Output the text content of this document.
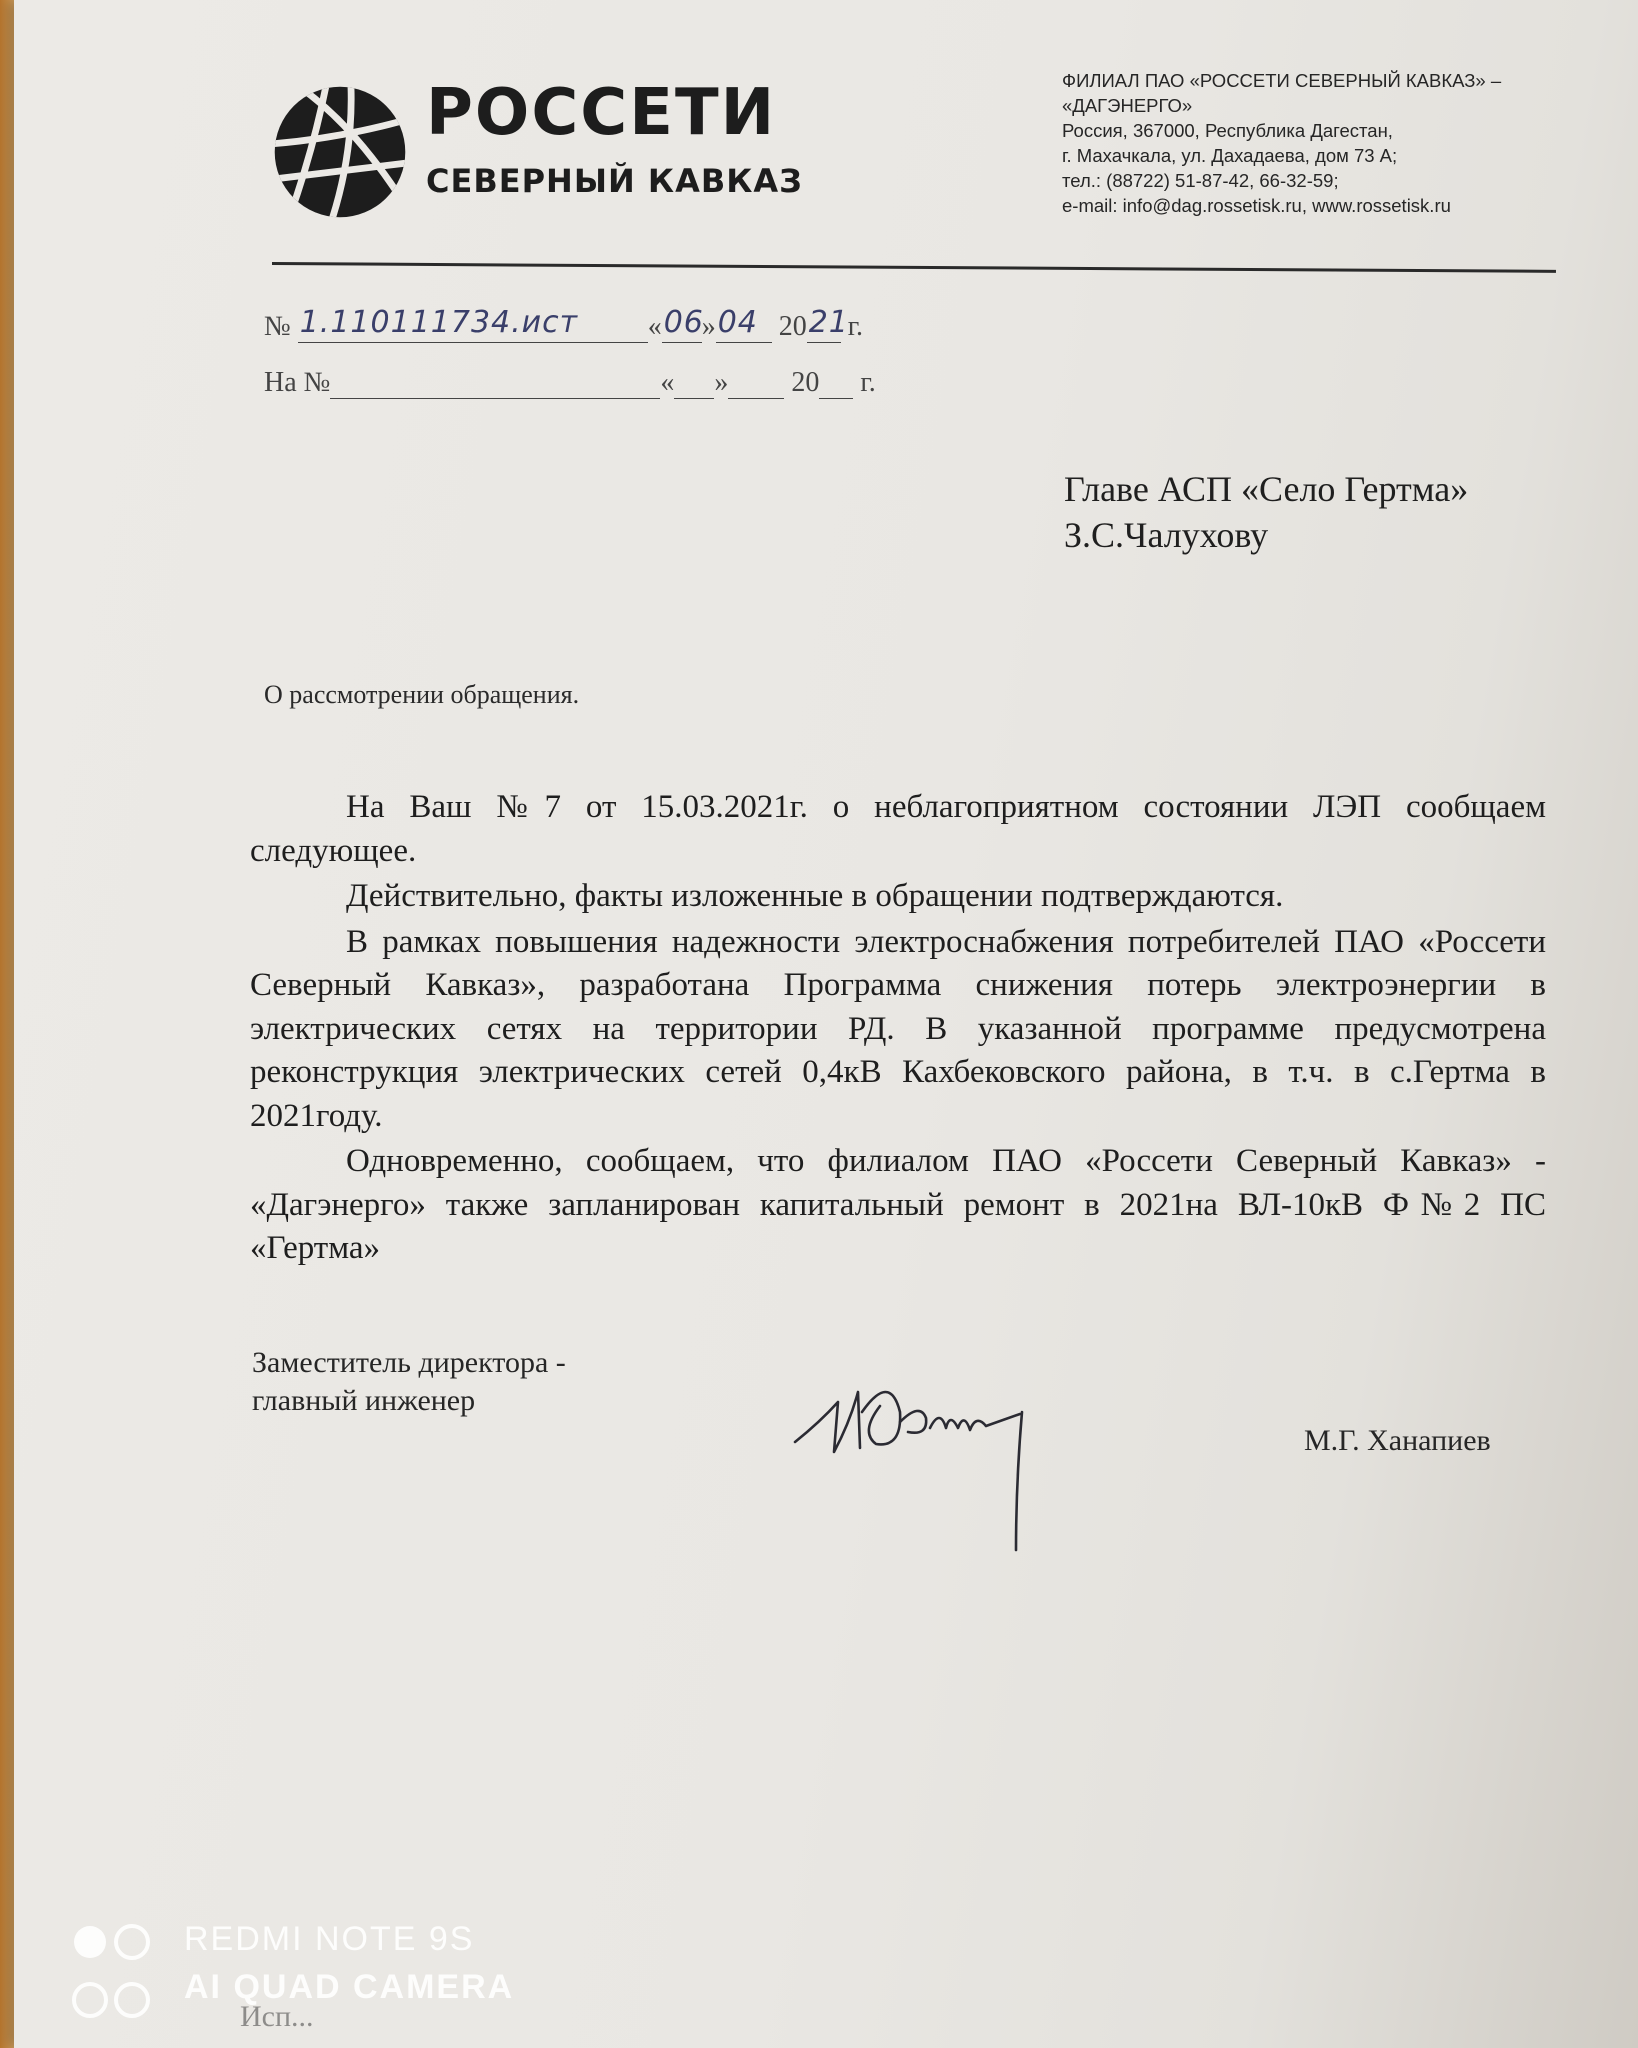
РОССЕТИ
СЕВЕРНЫЙ КАВКАЗ
ФИЛИАЛ ПАО «РОССЕТИ СЕВЕРНЫЙ КАВКАЗ» –
«ДАГЭНЕРГО»
Россия, 367000, Республика Дагестан,
г. Махачкала, ул. Дахадаева, дом 73 А;
тел.: (88722) 51-87-42, 66-32-59;
e-mail: info@dag.rossetisk.ru, www.rossetisk.ru
№ 1.110111734.ист « 06
» 04 20 21
г.
На №	« » 20 г.
Главе АСП «Село Гертма»
З.С.Чалухову
О рассмотрении обращения.

На Ваш №7 от 15.03.2021г. о неблагоприятном состоянии ЛЭП сообщаем следующее.

Действительно, факты изложенные в обращении подтверждаются.

В рамках повышения надежности электроснабжения потребителей ПАО «Россети Северный Кавказ», разработана Программа снижения потерь электроэнергии в электрических сетях на территории РД. В указанной программе предусмотрена реконструкция электрических сетей 0,4кВ Кахбековского района, в т.ч. в с.Гертма в 2021году.

Одновременно, сообщаем, что филиалом ПАО «Россети Северный Кавказ» - «Дагэнерго» также запланирован капитальный ремонт в 2021на ВЛ-10кВ Ф№2 ПС «Гертма»

Заместитель директора -
главный инженер
М.Г. Ханапиев
Исп...
REDMI NOTE 9S
AI QUAD CAMERA
